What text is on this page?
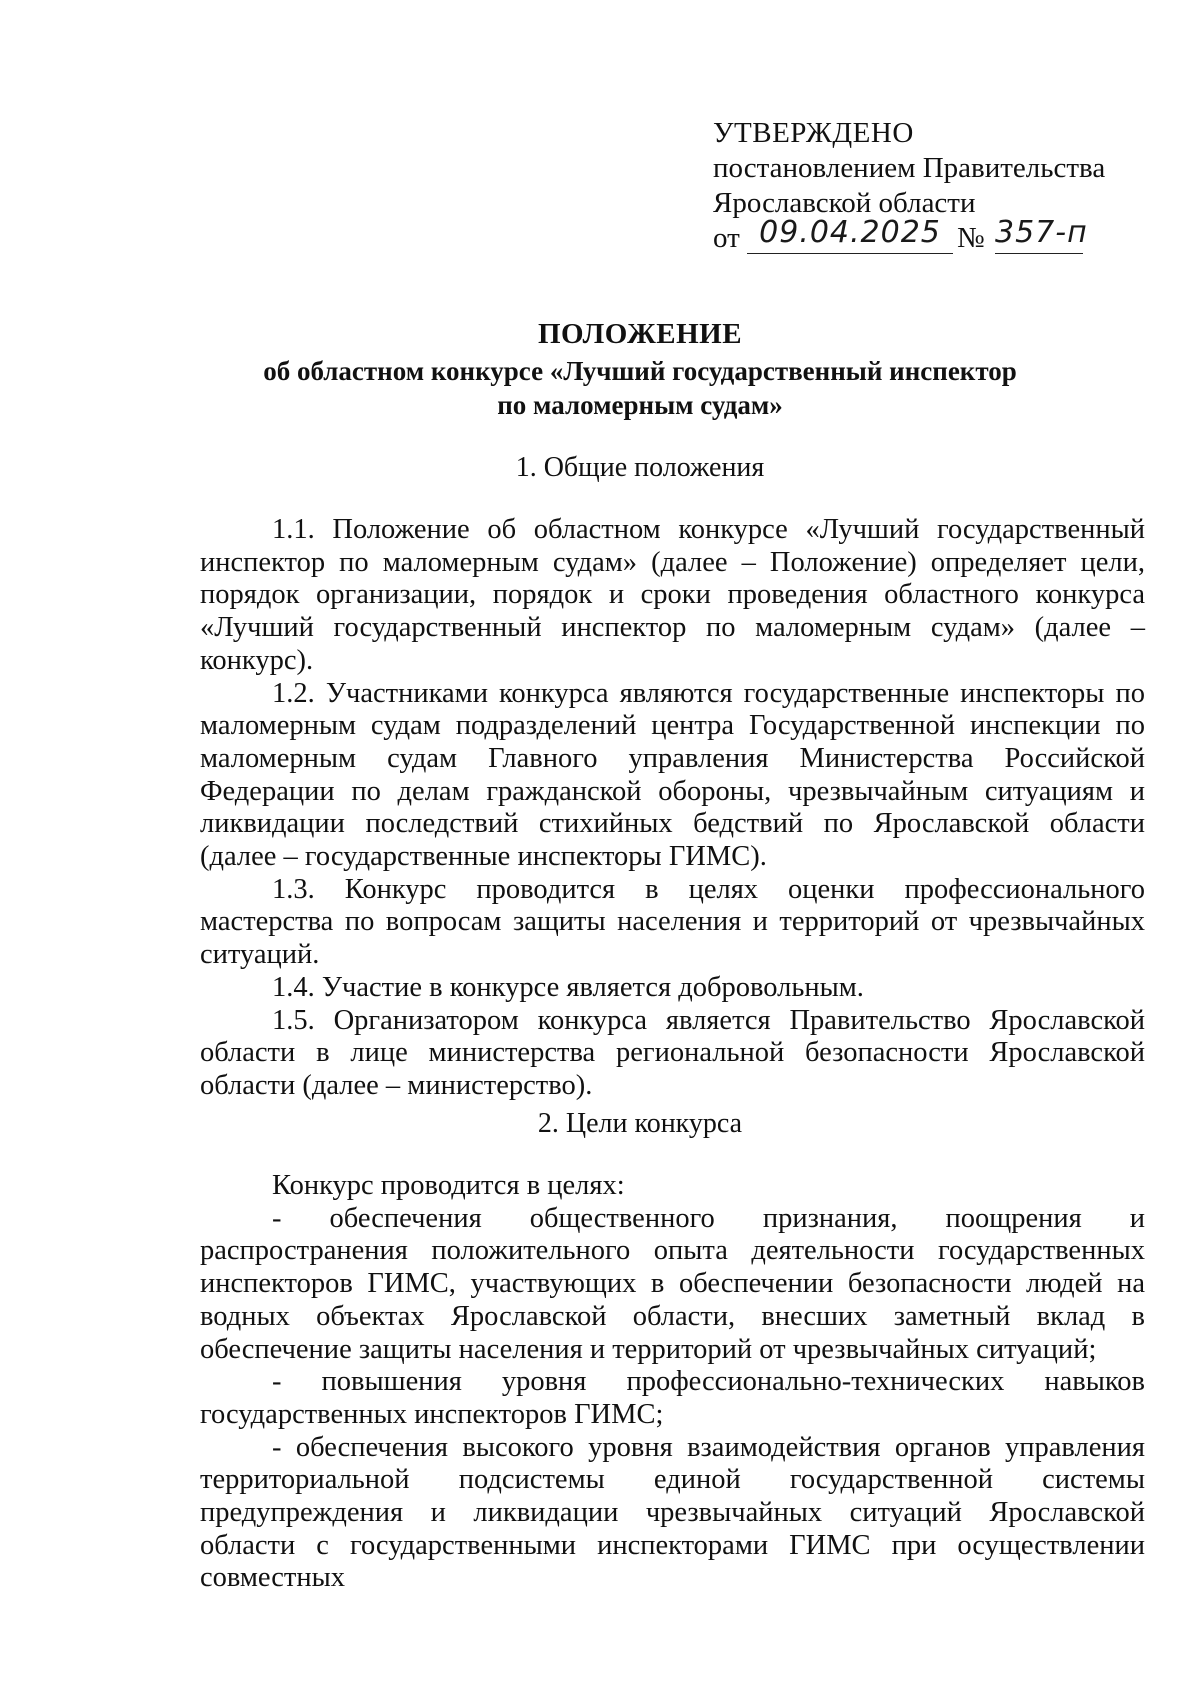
УТВЕРЖДЕНО
постановлением Правительства
Ярославской области
от 09.04.2025 № 357-п
ПОЛОЖЕНИЕ
об областном конкурсе «Лучший государственный инспектор
по маломерным судам»
1. Общие положения

1.1. Положение об областном конкурсе «Лучший государственный инспектор по маломерным судам» (далее – Положение) определяет цели, порядок организации, порядок и сроки проведения областного конкурса «Лучший государственный инспектор по маломерным судам» (далее – конкурс).

1.2. Участниками конкурса являются государственные инспекторы по маломерным судам подразделений центра Государственной инспекции по маломерным судам Главного управления Министерства Российской Федерации по делам гражданской обороны, чрезвычайным ситуациям и ликвидации последствий стихийных бедствий по Ярославской области (далее – государственные инспекторы ГИМС).

1.3. Конкурс проводится в целях оценки профессионального мастерства по вопросам защиты населения и территорий от чрезвычайных ситуаций.

1.4. Участие в конкурсе является добровольным.

1.5. Организатором конкурса является Правительство Ярославской области в лице министерства региональной безопасности Ярославской области (далее – министерство).

2. Цели конкурса

Конкурс проводится в целях:

- обеспечения общественного признания, поощрения и распространения положительного опыта деятельности государственных инспекторов ГИМС, участвующих в обеспечении безопасности людей на водных объектах Ярославской области, внесших заметный вклад в обеспечение защиты населения и территорий от чрезвычайных ситуаций;

- повышения уровня профессионально-технических навыков государственных инспекторов ГИМС;

- обеспечения высокого уровня взаимодействия органов управления территориальной подсистемы единой государственной системы предупреждения и ликвидации чрезвычайных ситуаций Ярославской области с государственными инспекторами ГИМС при осуществлении совместных
